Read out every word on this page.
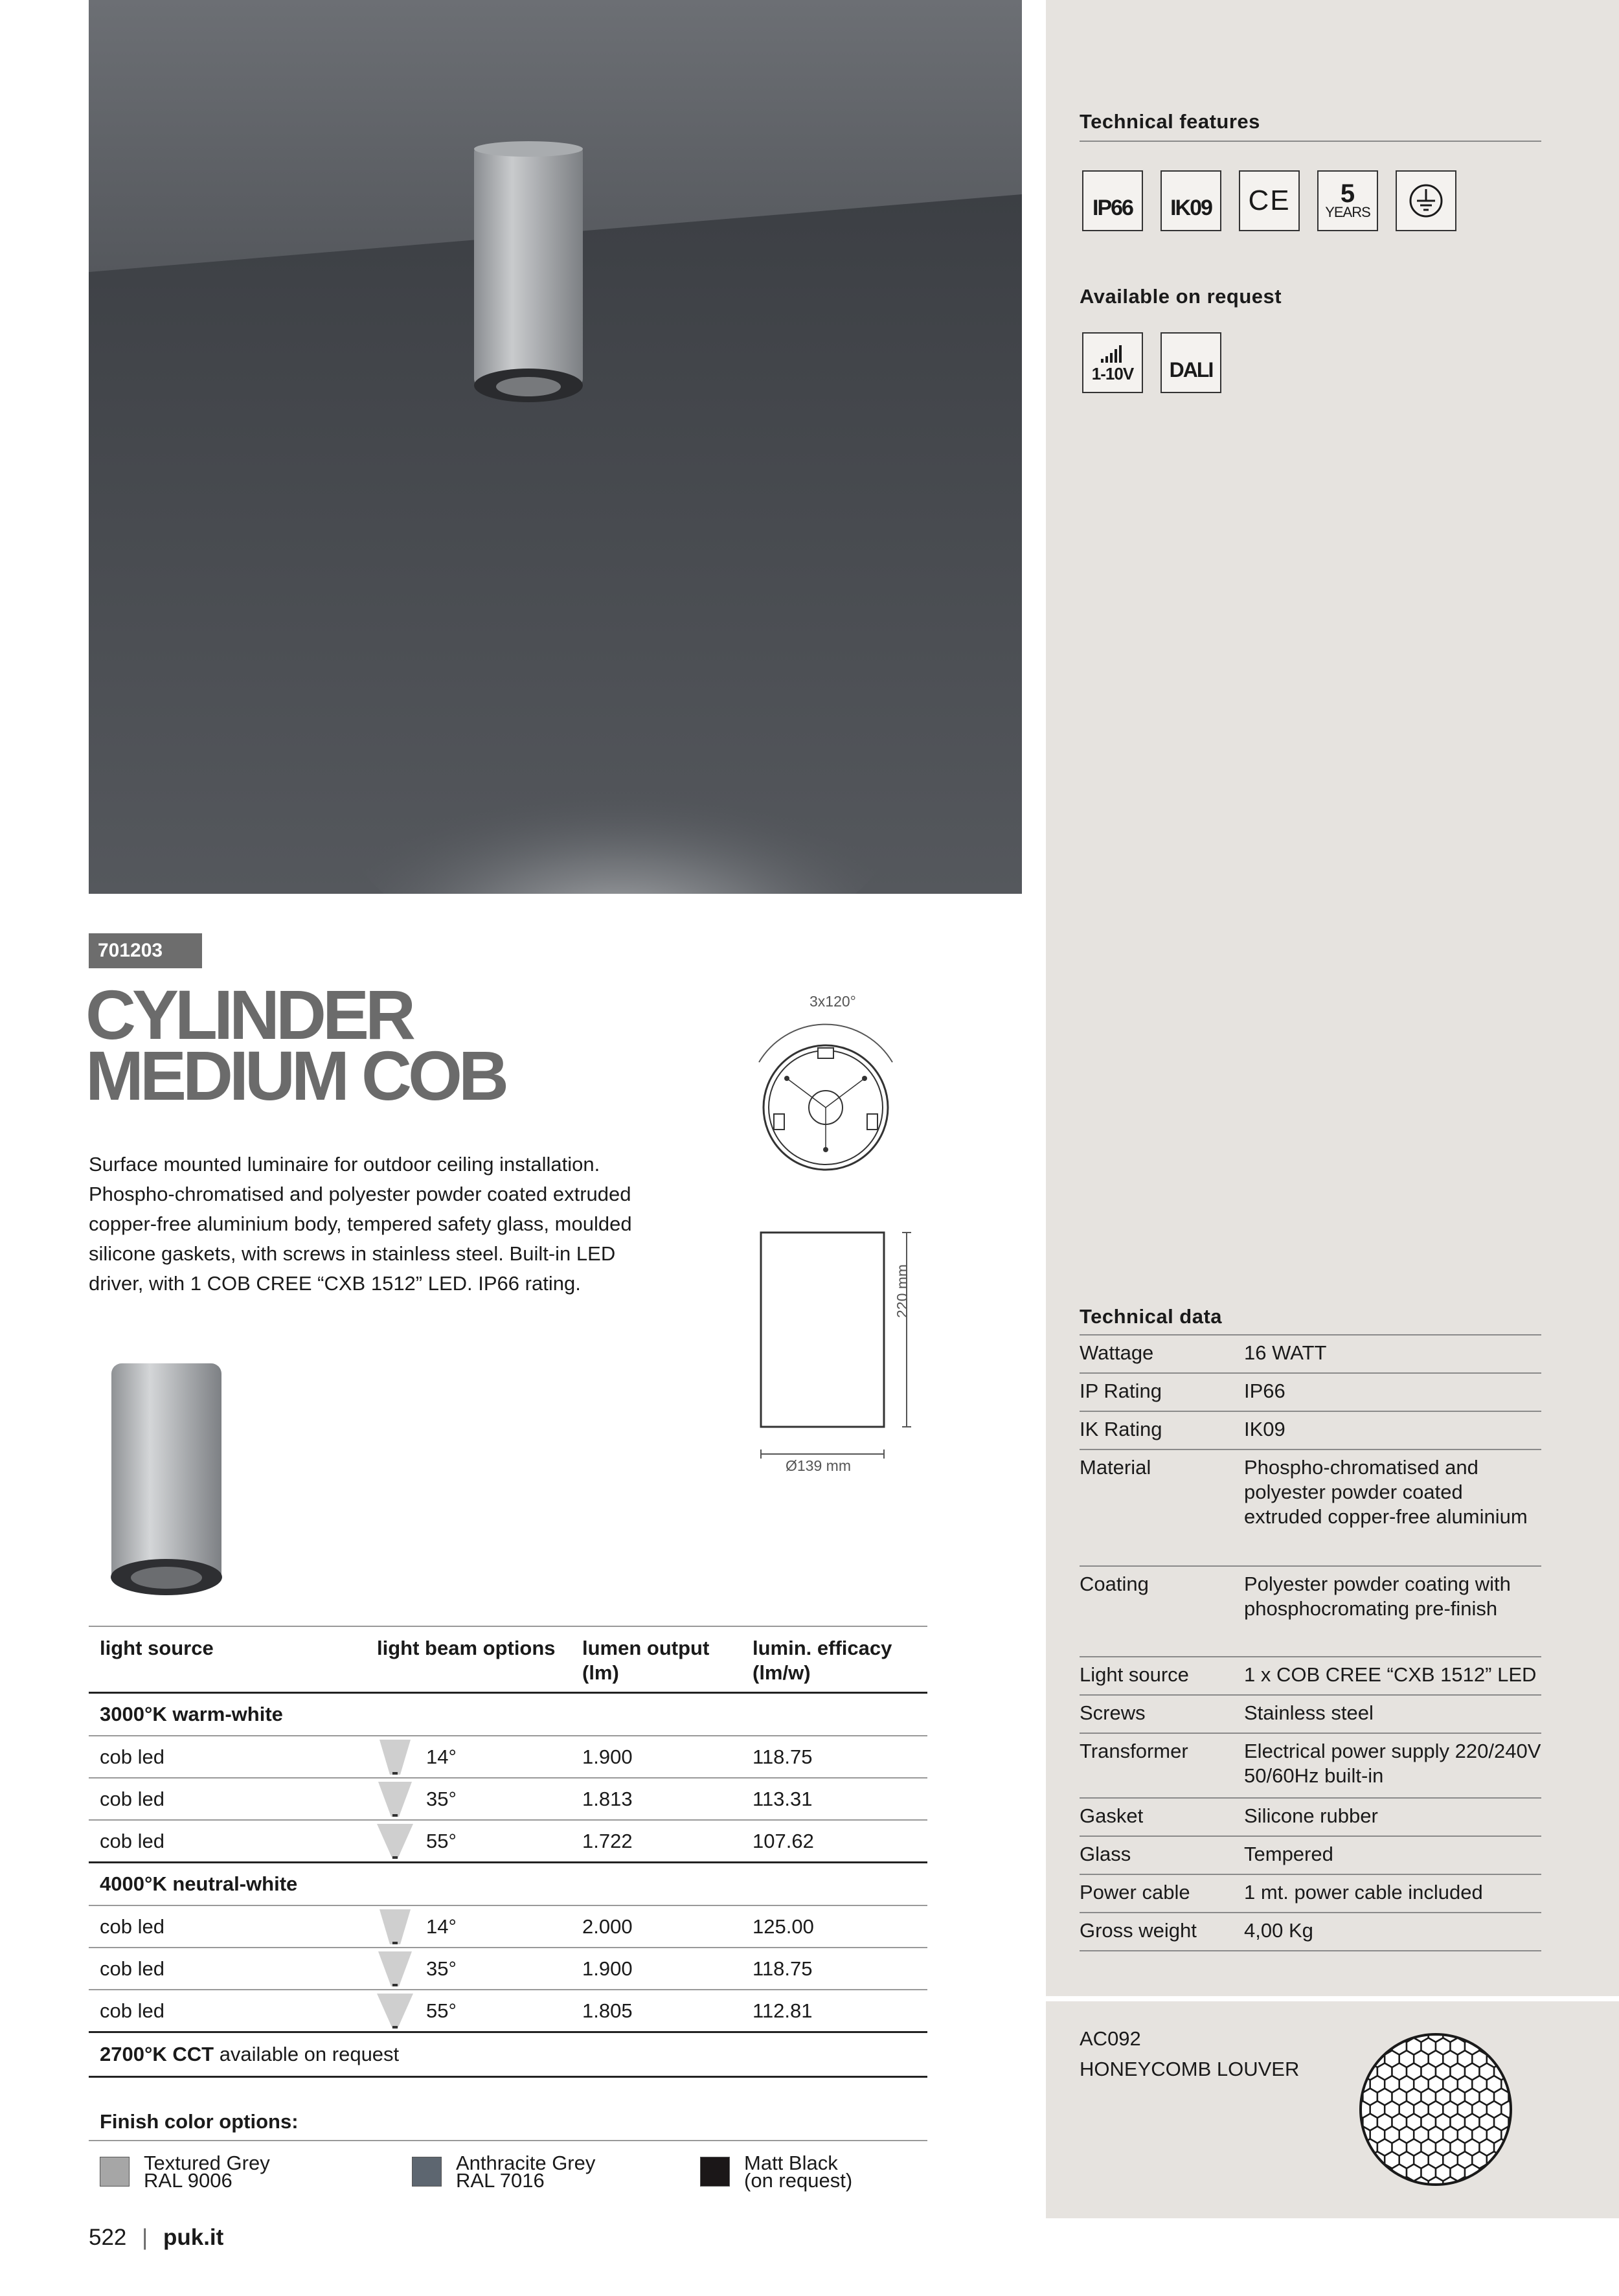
701203
CYLINDER
MEDIUM COB
Surface mounted luminaire for outdoor ceiling installation. Phospho-chromatised and polyester powder coated extruded copper-free aluminium body, tempered safety glass, moulded silicone gaskets, with screws in stainless steel. Built-in LED driver, with 1 COB CREE “CXB 1512” LED. IP66 rating.
3x120°
220 mm
Ø139 mm
light source	light beam options	lumen output (lm)	lumin. efficacy (lm/w)
3000°K warm-white			
cob led	14°	1.900	118.75
cob led	35°	1.813	113.31
cob led	55°	1.722	107.62
4000°K neutral-white			
cob led	14°	2.000	125.00
cob led	35°	1.900	118.75
cob led	55°	1.805	112.81
2700°K CCT available on request			
Finish color options:
Textured Grey
RAL 9006
Anthracite Grey
RAL 7016
Matt Black
(on request)
Technical features
IP66 IK09 CE 5
YEARS
Available on request
1-10V DALI
Technical data
Wattage	16 WATT
IP Rating	IP66
IK Rating	IK09
Material	Phospho-chromatised and polyester powder coated extruded copper-free aluminium
Coating	Polyester powder coating with phosphocromating pre-finish
Light source	1 x COB CREE “CXB 1512” LED
Screws	Stainless steel
Transformer	Electrical power supply 220/240V 50/60Hz built-in
Gasket	Silicone rubber
Glass	Tempered
Power cable	1 mt. power cable included
Gross weight 4,00 Kg
AC092
HONEYCOMB LOUVER
522 | puk.it
